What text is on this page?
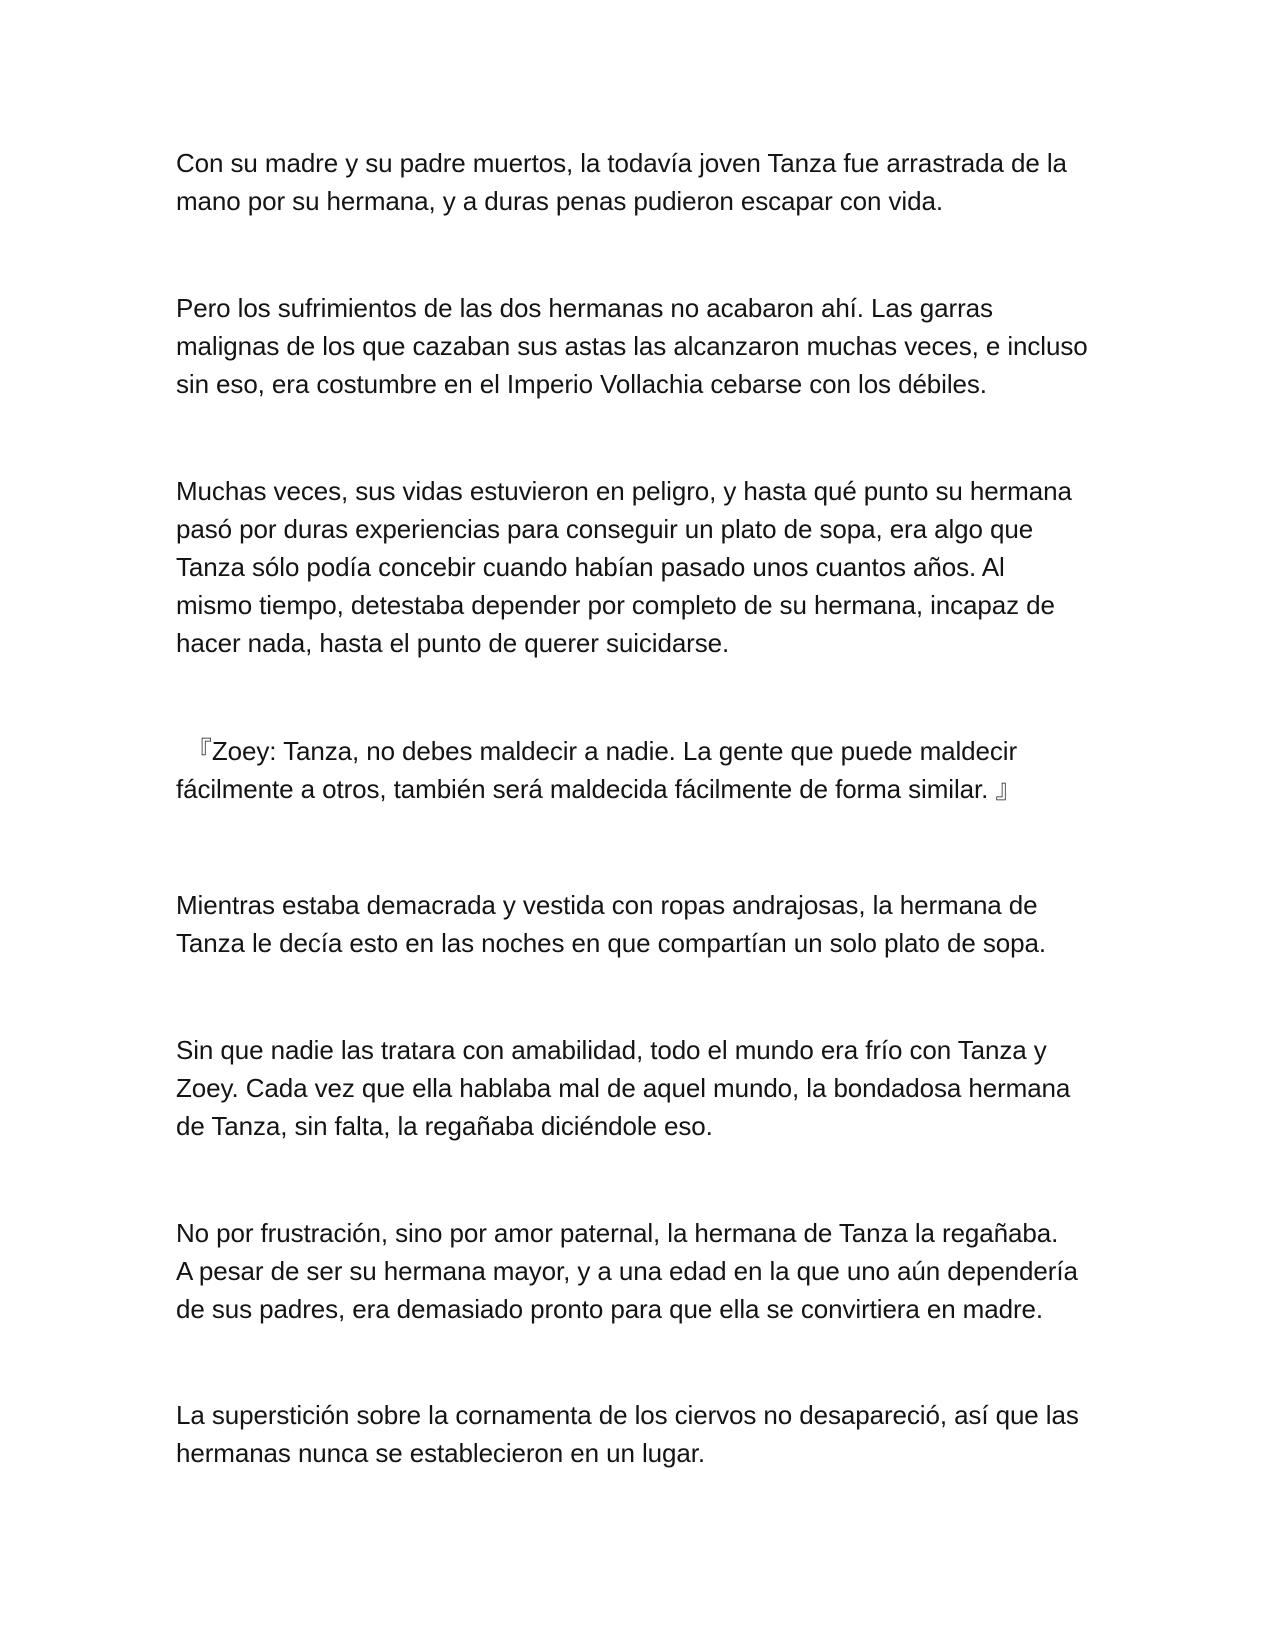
Con su madre y su padre muertos, la todavía joven Tanza fue arrastrada de la
mano por su hermana, y a duras penas pudieron escapar con vida.

Pero los sufrimientos de las dos hermanas no acabaron ahí. Las garras
malignas de los que cazaban sus astas las alcanzaron muchas veces, e incluso
sin eso, era costumbre en el Imperio Vollachia cebarse con los débiles.

Muchas veces, sus vidas estuvieron en peligro, y hasta qué punto su hermana
pasó por duras experiencias para conseguir un plato de sopa, era algo que
Tanza sólo podía concebir cuando habían pasado unos cuantos años. Al
mismo tiempo, detestaba depender por completo de su hermana, incapaz de
hacer nada, hasta el punto de querer suicidarse.

『Zoey: Tanza, no debes maldecir a nadie. La gente que puede maldecir
fácilmente a otros, también será maldecida fácilmente de forma similar. 』

Mientras estaba demacrada y vestida con ropas andrajosas, la hermana de
Tanza le decía esto en las noches en que compartían un solo plato de sopa.

Sin que nadie las tratara con amabilidad, todo el mundo era frío con Tanza y
Zoey. Cada vez que ella hablaba mal de aquel mundo, la bondadosa hermana
de Tanza, sin falta, la regañaba diciéndole eso.

No por frustración, sino por amor paternal, la hermana de Tanza la regañaba.
A pesar de ser su hermana mayor, y a una edad en la que uno aún dependería
de sus padres, era demasiado pronto para que ella se convirtiera en madre.

La superstición sobre la cornamenta de los ciervos no desapareció, así que las
hermanas nunca se establecieron en un lugar.
